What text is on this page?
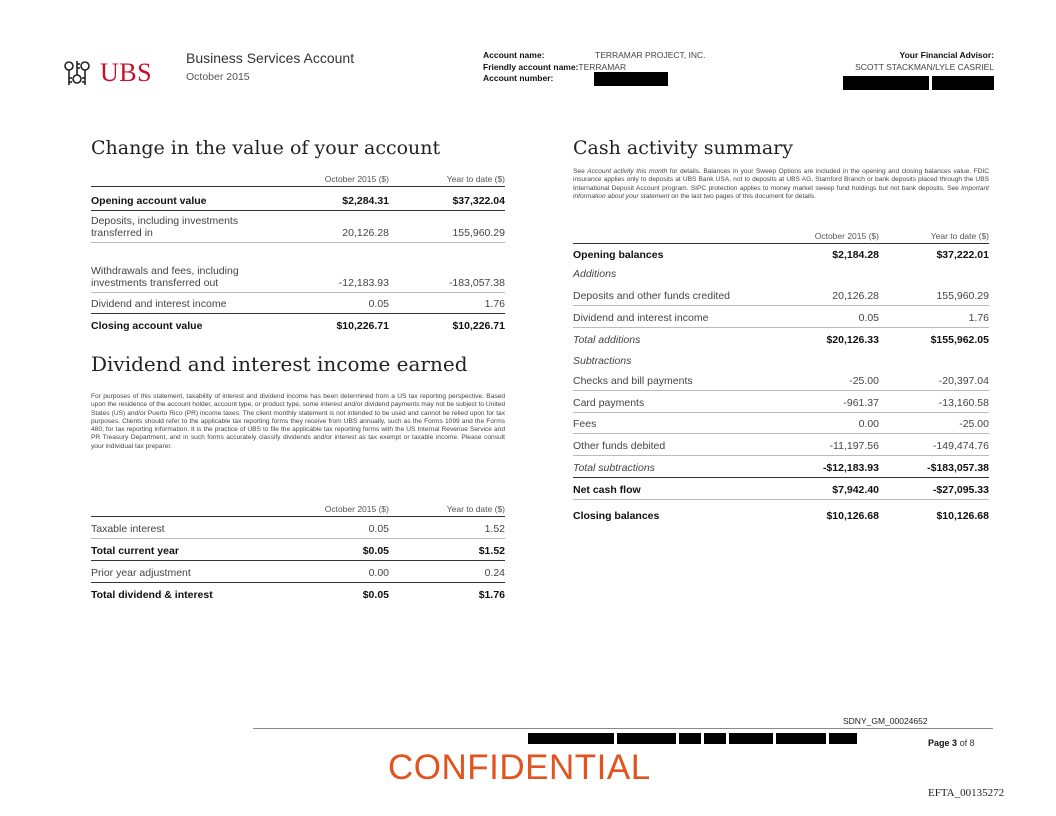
UBS Business Services Account
October 2015
Account name:	TERRAMAR PROJECT, INC.
Friendly account name: TERRAMAR
Account number:
Your Financial Advisor:
SCOTT STACKMAN/LYLE CASRIEL
Change in the value of your account
	October 2015 ($)	Year to date ($)
Opening account value	$2,284.31	$37,322.04
Deposits, including investments transferred in	20,126.28	155,960.29
Withdrawals and fees, including investments transferred out	-12,183.93	-183,057.38
Dividend and interest income	0.05	1.76
Closing account value	$10,226.71	$10,226.71
Dividend and interest income earned
For purposes of this statement, taxability of interest and dividend income has been determined from a US tax reporting perspective. Based upon the residence of the account holder, account type, or product type, some interest and/or dividend payments may not be subject to United States (US) and/or Puerto Rico (PR) income taxes. The client monthly statement is not intended to be used and cannot be relied upon for tax purposes. Clients should refer to the applicable tax reporting forms they receive from UBS annually, such as the Forms 1099 and the Forms 480, for tax reporting information. It is the practice of UBS to file the applicable tax reporting forms with the US Internal Revenue Service and PR Treasury Department, and in such forms accurately classify dividends and/or interest as tax exempt or taxable income. Please consult your individual tax preparer.
	October 2015 ($)	Year to date ($)
Taxable interest	0.05	1.52
Total current year	$0.05	$1.52
Prior year adjustment	0.00	0.24
Total dividend & interest	$0.05	$1.76
Cash activity summary
See Account activity this month for details. Balances in your Sweep Options are included in the opening and closing balances value. FDIC insurance applies only to deposits at UBS Bank USA, not to deposits at UBS AG, Stamford Branch or bank deposits placed through the UBS International Deposit Account program. SIPC protection applies to money market sweep fund holdings but not bank deposits. See Important information about your statement on the last two pages of this document for details.
	October 2015 ($)	Year to date ($)
Opening balances	$2,184.28	$37,222.01
Additions		
Deposits and other funds credited	20,126.28	155,960.29
Dividend and interest income	0.05	1.76
Total additions	$20,126.33	$155,962.05
Subtractions		
Checks and bill payments	-25.00	-20,397.04
Card payments	-961.37	-13,160.58
Fees	0.00	-25.00
Other funds debited	-11,197.56	-149,474.76
Total subtractions	-$12,183.93	-$183,057.38
Net cash flow	$7,942.40	-$27,095.33
Closing balances	$10,126.68	$10,126.68
SDNY_GM_00024652
Page 3 of 8
CONFIDENTIAL
EFTA_00135272
